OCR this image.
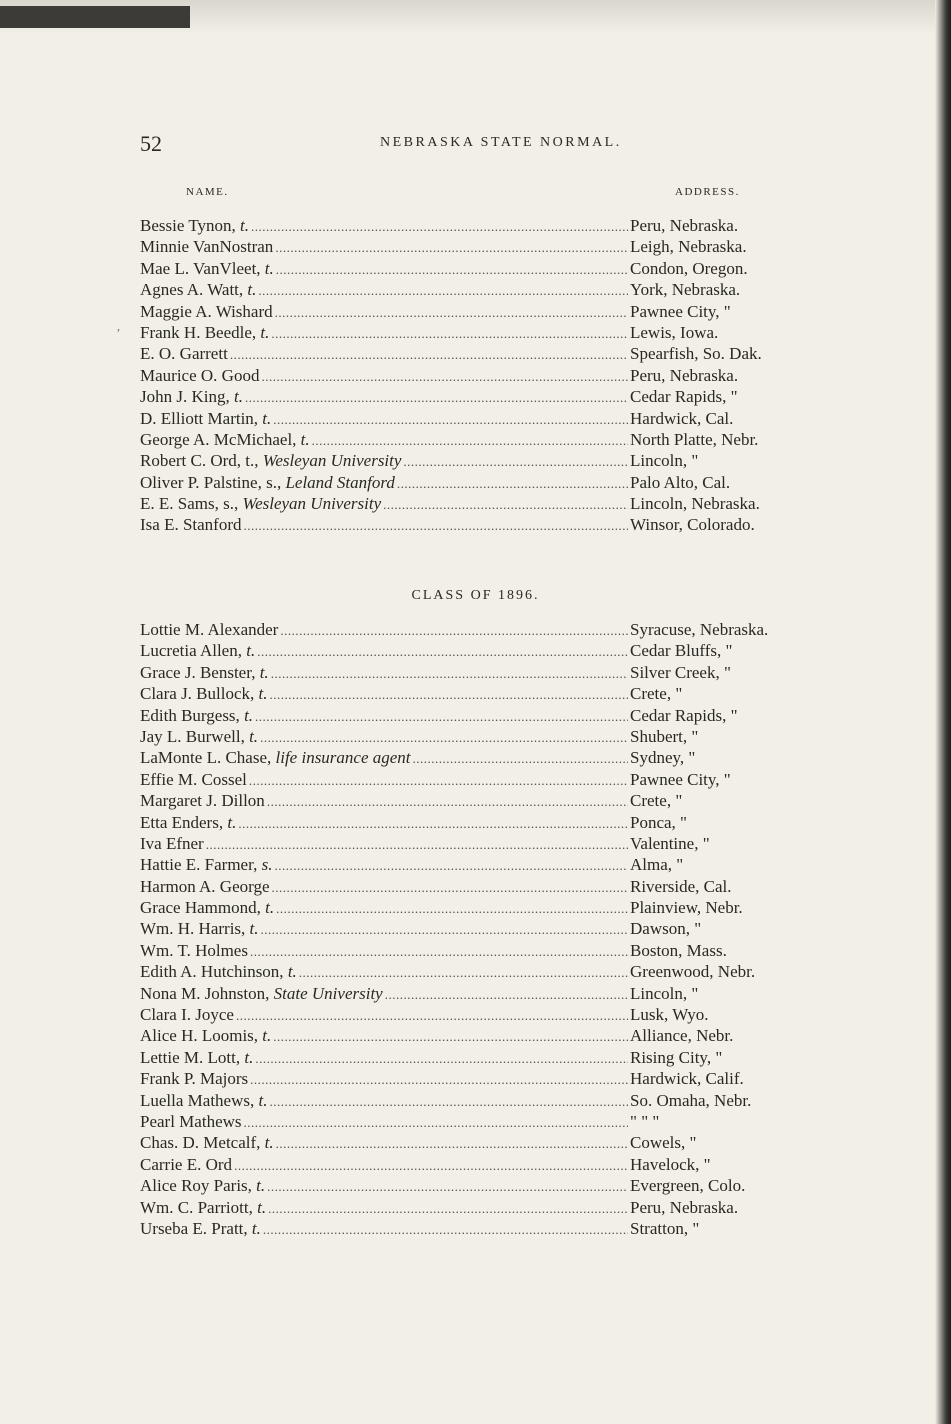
52	NEBRASKA STATE NORMAL.
NAME.	ADDRESS.
,
Bessie Tynon, t. .....	Peru, Nebraska.
Minnie VanNostran .....	Leigh, Nebraska.
Mae L. VanVleet, t. .....	Condon, Oregon.
Agnes A. Watt, t. .....	York, Nebraska.
Maggie A. Wishard .....	Pawnee City, "
Frank H. Beedle, t. .....	Lewis, Iowa.
E. O. Garrett .....	Spearfish, So. Dak.
Maurice O. Good .....	Peru, Nebraska.
John J. King, t. .....	Cedar Rapids, "
D. Elliott Martin, t. .....	Hardwick, Cal.
George A. McMichael, t. .....	North Platte, Nebr.
Robert C. Ord, t., Wesleyan University .....	Lincoln, "
Oliver P. Palstine, s., Leland Stanford .....	Palo Alto, Cal.
E. E. Sams, s., Wesleyan University .....	Lincoln, Nebraska.
Isa E. Stanford .....	Winsor, Colorado.
CLASS OF 1896.
Lottie M. Alexander .....	Syracuse, Nebraska.
Lucretia Allen, t. .....	Cedar Bluffs, "
Grace J. Benster, t. .....	Silver Creek, "
Clara J. Bullock, t. .....	Crete, "
Edith Burgess, t. .....	Cedar Rapids, "
Jay L. Burwell, t. .....	Shubert, "
LaMonte L. Chase, life insurance agent .....	Sydney, "
Effie M. Cossel .....	Pawnee City, "
Margaret J. Dillon .....	Crete, "
Etta Enders, t. .....	Ponca, "
Iva Efner .....	Valentine, "
Hattie E. Farmer, s. .....	Alma, "
Harmon A. George .....	Riverside, Cal.
Grace Hammond, t. .....	Plainview, Nebr.
Wm. H. Harris, t. .....	Dawson, "
Wm. T. Holmes .....	Boston, Mass.
Edith A. Hutchinson, t. .....	Greenwood, Nebr.
Nona M. Johnston, State University .....	Lincoln, "
Clara I. Joyce .....	Lusk, Wyo.
Alice H. Loomis, t. .....	Alliance, Nebr.
Lettie M. Lott, t. .....	Rising City, "
Frank P. Majors .....	Hardwick, Calif.
Luella Mathews, t. .....	So. Omaha, Nebr.
Pearl Mathews .....	" " "
Chas. D. Metcalf, t. .....	Cowels, "
Carrie E. Ord .....	Havelock, "
Alice Roy Paris, t. .....	Evergreen, Colo.
Wm. C. Parriott, t. .....	Peru, Nebraska.
Urseba E. Pratt, t. .....	Stratton, "
